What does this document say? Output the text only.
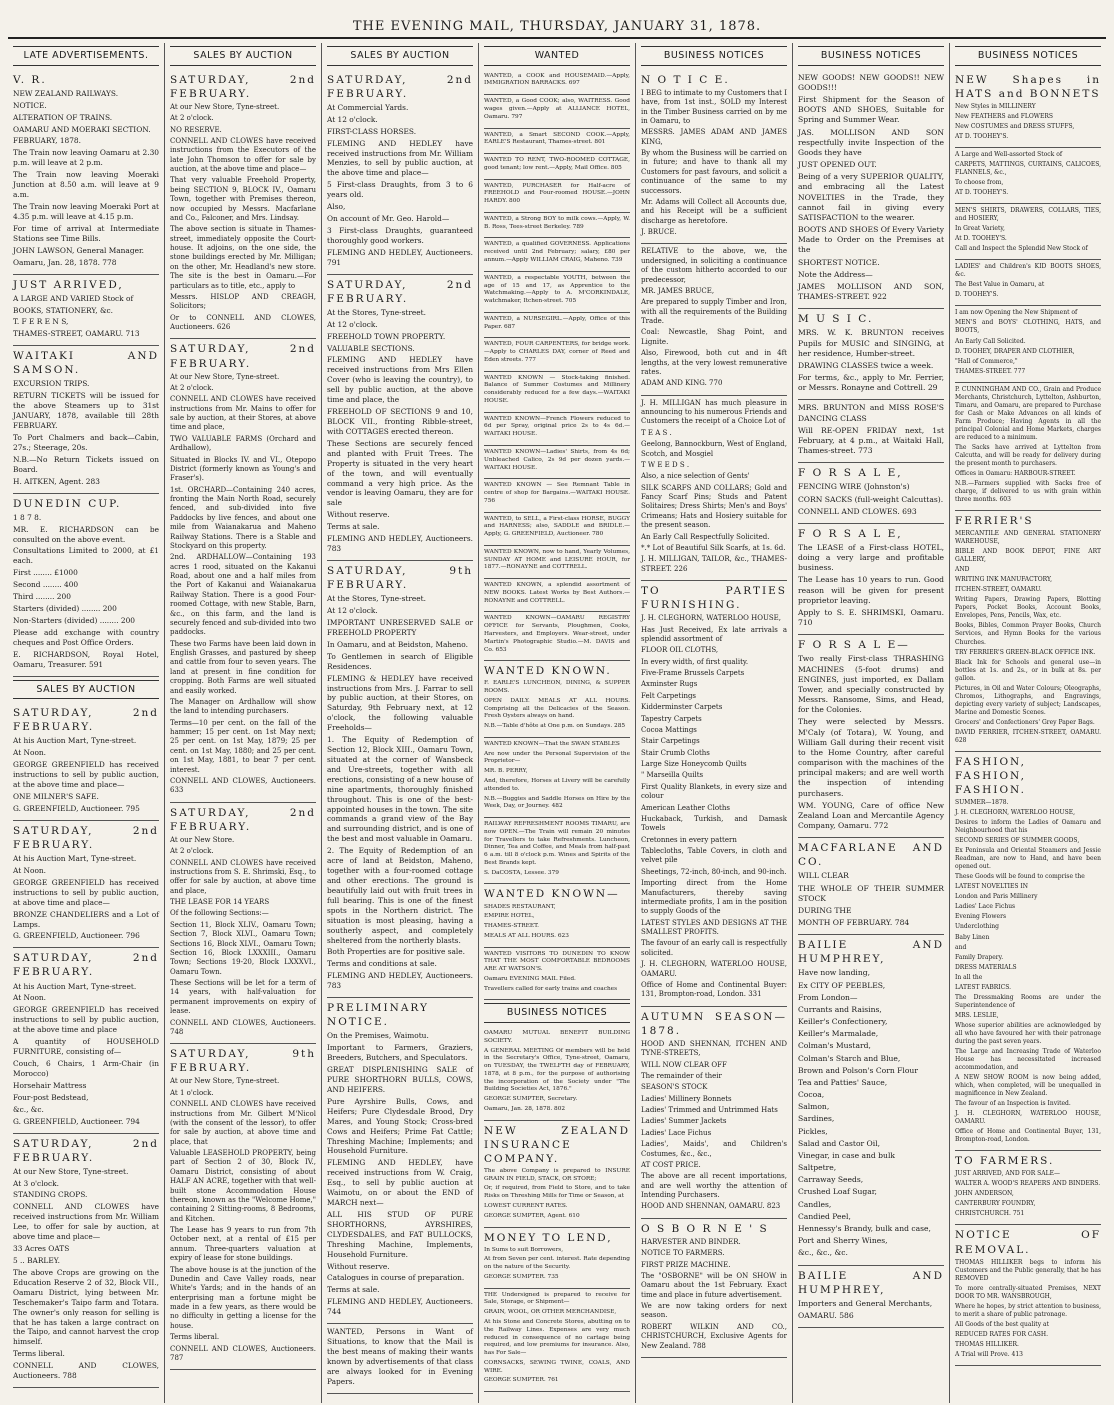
THE EVENING MAIL, THURSDAY, JANUARY 31, 1878.
LATE ADVERTISEMENTS.

V. R.

NEW ZEALAND RAILWAYS.

NOTICE.

ALTERATION OF TRAINS.

OAMARU AND MOERAKI SECTION.

FEBRUARY, 1878.

The Train now leaving Oamaru at 2.30 p.m. will leave at 2 p.m.

The Train now leaving Moeraki Junction at 8.50 a.m. will leave at 9 a.m.

The Train now leaving Moeraki Port at 4.35 p.m. will leave at 4.15 p.m.

For time of arrival at Intermediate Stations see Time Bills.

JOHN LAWSON, General Manager.

Oamaru, Jan. 28, 1878. 778

JUST ARRIVED,

A LARGE AND VARIED Stock of

BOOKS, STATIONERY, &c.

T. F E R E N S,

THAMES-STREET, OAMARU. 713

WAITAKI AND SAMSON.

EXCURSION TRIPS.

RETURN TICKETS will be issued for the above Steamers up to 31st JANUARY, 1878, available till 28th FEBRUARY.

To Port Chalmers and back—Cabin, 27s.; Steerage, 20s.

N.B.—No Return Tickets issued on Board.

H. AITKEN, Agent. 283

DUNEDIN CUP.

1 8 7 8.

MR. E. RICHARDSON can be consulted on the above event.

Consultations Limited to 2000, at £1 each.

First ........ £1000

Second ........ 400

Third ........ 200

Starters (divided) ........ 200

Non-Starters (divided) ........ 200

Please add exchange with country cheques and Post Office Orders.

E. RICHARDSON, Royal Hotel, Oamaru, Treasurer. 591

SALES BY AUCTION

SATURDAY, 2nd FEBRUARY.

At his Auction Mart, Tyne-street.

At Noon.

GEORGE GREENFIELD has received instructions to sell by public auction, at the above time and place—

ONE MILNER'S SAFE.

G. GREENFIELD, Auctioneer. 795

SATURDAY, 2nd FEBRUARY.

At his Auction Mart, Tyne-street.

At Noon.

GEORGE GREENFIELD has received instructions to sell by public auction, at above time and place—

BRONZE CHANDELIERS and a Lot of Lamps.

G. GREENFIELD, Auctioneer. 796

SATURDAY, 2nd FEBRUARY.

At his Auction Mart, Tyne-street.

At Noon.

GEORGE GREENFIELD has received instructions to sell by public auction, at the above time and place

A quantity of HOUSEHOLD FURNITURE, consisting of—

Couch, 6 Chairs, 1 Arm-Chair (in Morocco)

Horsehair Mattress

Four-post Bedstead,

&c., &c.

G. GREENFIELD, Auctioneer. 794

SATURDAY, 2nd FEBRUARY.

At our New Store, Tyne-street.

At 3 o'clock.

STANDING CROPS.

CONNELL AND CLOWES have received instructions from Mr. William Lee, to offer for sale by auction, at above time and place—

33 Acres OATS

5 .. BARLEY.

The above Crops are growing on the Education Reserve 2 of 32, Block VII., Oamaru District, lying between Mr. Teschemaker's Taipo farm and Totara. The owner's only reason for selling is that he has taken a large contract on the Taipo, and cannot harvest the crop himself.

Terms liberal.

CONNELL AND CLOWES, Auctioneers. 788

SALES BY AUCTION

SATURDAY, 2nd FEBRUARY.

At our New Store, Tyne-street.

At 2 o'clock.

NO RESERVE.

CONNELL AND CLOWES have received instructions from the Executors of the late John Thomson to offer for sale by auction, at the above time and place—

That very valuable Freehold Property, being SECTION 9, BLOCK IV., Oamaru Town, together with Premises thereon, now occupied by Messrs. Macfarlane and Co., Falconer, and Mrs. Lindsay.

The above section is situate in Thames-street, immediately opposite the Court-house. It adjoins, on the one side, the stone buildings erected by Mr. Milligan; on the other, Mr. Headland's new store. The site is the best in Oamaru.—For particulars as to title, etc., apply to

Messrs. HISLOP AND CREAGH, Solicitors;

Or to CONNELL AND CLOWES, Auctioneers. 626

SATURDAY, 2nd FEBRUARY.

At our New Store, Tyne-street.

At 2 o'clock.

CONNELL AND CLOWES have received instructions from Mr. Mains to offer for sale by auction, at their Stores, at above time and place,

TWO VALUABLE FARMS (Orchard and Ardhallow),

Situated in Blocks IV. and VI., Otepopo District (formerly known as Young's and Fraser's).

1st. ORCHARD—Containing 240 acres, fronting the Main North Road, securely fenced, and sub-divided into five Paddocks by live fences, and about one mile from Waianakarua and Maheno Railway Stations. There is a Stable and Stockyard on this property.

2nd. ARDHALLOW—Containing 193 acres 1 rood, situated on the Kakanui Road, about one and a half miles from the Port of Kakanui and Waianakarua Railway Station. There is a good Four-roomed Cottage, with new Stable, Barn, &c., on this farm, and the land is securely fenced and sub-divided into two paddocks.

These two Farms have been laid down in English Grasses, and pastured by sheep and cattle from four to seven years. The land at present in fine condition for cropping. Both Farms are well situated and easily worked.

The Manager on Ardhallow will show the land to intending purchasers.

Terms—10 per cent. on the fall of the hammer; 15 per cent. on 1st May next; 25 per cent. on 1st May, 1879; 25 per cent. on 1st May, 1880; and 25 per cent. on 1st May, 1881, to bear 7 per cent. interest.

CONNELL AND CLOWES, Auctioneers. 633

SATURDAY, 2nd FEBRUARY.

At our New Store.

At 2 o'clock.

CONNELL AND CLOWES have received instructions from S. E. Shrimski, Esq., to offer for sale by auction, at above time and place,

THE LEASE FOR 14 YEARS

Of the following Sections:—

Section 11, Block XLIV., Oamaru Town; Section 7, Block XLVI., Oamaru Town; Sections 16, Block XLVI., Oamaru Town; Section 16, Block LXXXIII., Oamaru Town; Sections 19-20, Block LXXXVI., Oamaru Town.

These Sections will be let for a term of 14 years, with half-valuation for permanent improvements on expiry of lease.

CONNELL AND CLOWES, Auctioneers. 748

SATURDAY, 9th FEBRUARY.

At our New Store, Tyne-street.

At 1 o'clock.

CONNELL AND CLOWES have received instructions from Mr. Gilbert M'Nicol (with the consent of the lessor), to offer for sale by auction, at above time and place, that

Valuable LEASEHOLD PROPERTY, being part of Section 2 of 30, Block IV., Oamaru District, consisting of about HALF AN ACRE, together with that well-built stone Accommodation House thereon, known as the "Welcome Home," containing 2 Sitting-rooms, 8 Bedrooms, and Kitchen.

The Lease has 9 years to run from 7th October next, at a rental of £15 per annum. Three-quarters valuation at expiry of lease for stone buildings.

The above house is at the junction of the Dunedin and Cave Valley roads, near White's Yards; and in the hands of an enterprising man a fortune might be made in a few years, as there would be no difficulty in getting a license for the house.

Terms liberal.

CONNELL AND CLOWES, Auctioneers. 787

SALES BY AUCTION

SATURDAY, 2nd FEBRUARY.

At Commercial Yards.

At 12 o'clock.

FIRST-CLASS HORSES.

FLEMING AND HEDLEY have received instructions from Mr. William Menzies, to sell by public auction, at the above time and place—

5 First-class Draughts, from 3 to 6 years old.

Also,

On account of Mr. Geo. Harold—

3 First-class Draughts, guaranteed thoroughly good workers.

FLEMING AND HEDLEY, Auctioneers. 791

SATURDAY, 2nd FEBRUARY.

At the Stores, Tyne-street.

At 12 o'clock.

FREEHOLD TOWN PROPERTY.

VALUABLE SECTIONS.

FLEMING AND HEDLEY have received instructions from Mrs Ellen Cover (who is leaving the country), to sell by public auction, at the above time and place, the

FREEHOLD OF SECTIONS 9 and 10, BLOCK VII., fronting Ribble-street, with COTTAGES erected thereon.

These Sections are securely fenced and planted with Fruit Trees. The Property is situated in the very heart of the town, and will eventually command a very high price. As the vendor is leaving Oamaru, they are for sale

Without reserve.

Terms at sale.

FLEMING AND HEDLEY, Auctioneers. 783

SATURDAY, 9th FEBRUARY.

At the Stores, Tyne-street.

At 12 o'clock.

IMPORTANT UNRESERVED SALE or FREEHOLD PROPERTY

In Oamaru, and at Beidston, Maheno.

To Gentlemen in search of Eligible Residences.

FLEMING & HEDLEY have received instructions from Mrs. J. Farrar to sell by public auction, at their Stores, on Saturday, 9th February next, at 12 o'clock, the following valuable Freeholds—

1. The Equity of Redemption of Section 12, Block XIII., Oamaru Town, situated at the corner of Wansbeck and Ure-streets, together with all erections, consisting of a new house of nine apartments, thoroughly finished throughout. This is one of the best-appointed houses in the town. The site commands a grand view of the Bay and surrounding district, and is one of the best and most valuable in Oamaru.

2. The Equity of Redemption of an acre of land at Beidston, Maheno, together with a four-roomed cottage and other erections. The ground is beautifully laid out with fruit trees in full bearing. This is one of the finest spots in the Northern district. The situation is most pleasing, having a southerly aspect, and completely sheltered from the northerly blasts.

Both Properties are for positive sale.

Terms and conditions at sale.

FLEMING AND HEDLEY, Auctioneers. 783

PRELIMINARY NOTICE.

On the Premises, Waimotu.

Important to Farmers, Graziers, Breeders, Butchers, and Speculators.

GREAT DISPLENISHING SALE of PURE SHORTHORN BULLS, COWS, AND HEIFERS.

Pure Ayrshire Bulls, Cows, and Heifers; Pure Clydesdale Brood, Dry Mares, and Young Stock; Cross-bred Cows and Heifers; Prime Fat Cattle; Threshing Machine; Implements; and Household Furniture.

FLEMING AND HEDLEY, have received instructions from W. Craig, Esq., to sell by public auction at Waimotu, on or about the END of MARCH next—

ALL HIS STUD OF PURE SHORTHORNS, AYRSHIRES, CLYDESDALES, and FAT BULLOCKS, Threshing Machine, Implements, Household Furniture.

Without reserve.

Catalogues in course of preparation.

Terms at sale.

FLEMING AND HEDLEY, Auctioneers. 744

WANTED, Persons in Want of Situations, to know that the Mail is the best means of making their wants known by advertisements of that class are always looked for in Evening Papers.

WANTED

WANTED, a COOK and HOUSEMAID.—Apply, IMMIGRATION BARRACKS. 697

WANTED, a Good COOK; also, WAITRESS. Good wages given.—Apply at ALLIANCE HOTEL, Oamaru. 797

WANTED, a Smart SECOND COOK.—Apply, EARLE'S Restaurant, Thames-street. 801

WANTED TO RENT, TWO-ROOMED COTTAGE, good tenant; low rent.—Apply, Mail Office. 805

WANTED, PURCHASER for Half-acre of FREEHOLD and Four-roomed HOUSE.—JOHN HARDY. 800

WANTED, a Strong BOY to milk cows.—Apply, W. B. Ross, Tees-street Berkeley. 789

WANTED, a qualified GOVERNESS. Applications received until 2nd February; salary, £80 per annum.—Apply WILLIAM CRAIG, Maheno. 739

WANTED, a respectable YOUTH, between the age of 15 and 17, as Apprentice to the Watchmaking.—Apply to A. M'CORKINDALE, watchmaker, Itchen-street. 705

WANTED, a NURSEGIRL.—Apply, Office of this Paper. 687

WANTED, FOUR CARPENTERS, for bridge work.—Apply to CHARLES DAY, corner of Reed and Eden streets. 777

WANTED KNOWN — Stock-taking finished. Balance of Summer Costumes and Millinery considerably reduced for a few days.—WAITAKI HOUSE.

WANTED KNOWN—French Flowers reduced to 6d per Spray, original price 2s to 4s 6d.—WAITAKI HOUSE.

WANTED KNOWN—Ladies' Shirts, from 4s 6d; Unbleached Calico, 2s 9d per dozen yards.—WAITAKI HOUSE.

WANTED KNOWN — See Remnant Table in centre of shop for Bargains.—WAITAKI HOUSE. 756

WANTED, to SELL, a First-class HORSE, BUGGY and HARNESS; also, SADDLE and BRIDLE.—Apply, G. GREENFIELD, Auctioneer. 780

WANTED KNOWN, now to hand, Yearly Volumes, SUNDAY AT HOME and LEISURE HOUR, for 1877.—RONAYNE and COTTRELL.

WANTED KNOWN, a splendid assortment of NEW BOOKS. Latest Works by Best Authors.—RONAYNE and COTTRELL.

WANTED KNOWN—OAMARU REGISTRY OFFICE for Servants, Ploughmen, Cooks, Harvesters, and Employers. Wear-street, under Martin's Photographic Studio.—M. DAVIS and Co. 653

WANTED KNOWN.

F. EARLE'S LUNCHEON, DINING, & SUPPER ROOMS.

OPEN DAILY. MEALS AT ALL HOURS. Comprising all the Delicacies of the Season. Fresh Oysters always on hand.

N.B.—Table d'hôte at One p.m. on Sundays. 285

WANTED KNOWN—That the SWAN STABLES

Are now under the Personal Supervision of the Proprietor—

MR. B. PERRY,

And, therefore, Horses at Livery will be carefully attended to.

N.B.—Buggies and Saddle Horses on Hire by the Week, Day, or Journey. 482

RAILWAY REFRESHMENT ROOMS TIMARU, are now OPEN.—The Train will remain 20 minutes for Travellers to take Refreshments. Luncheon, Dinner, Tea and Coffee, and Meals from half-past 6 a.m. till 8 o'clock p.m. Wines and Spirits of the Best Brands kept.

S. DaCOSTA, Lessee. 379

WANTED KNOWN—

SHADES RESTAURANT,

EMPIRE HOTEL,

THAMES-STREET.

MEALS AT ALL HOURS. 623

WANTED VISITORS TO DUNEDIN TO KNOW THAT THE MOST COMFORTABLE BEDROOMS ARE AT WATSON'S.

Oamaru EVENING MAIL Filed.

Travellers called for early trains and coaches

BUSINESS NOTICES

OAMARU MUTUAL BENEFIT BUILDING SOCIETY.

A GENERAL MEETING Of members will be held in the Secretary's Office, Tyne-street, Oamaru, on TUESDAY, the TWELFTH day of FEBRUARY, 1878, at 8 p.m., for the purpose of authorising the incorporation of the Society under "The Building Societies Act, 1876."

GEORGE SUMPTER, Secretary.

Oamaru, Jan. 28, 1878. 802

NEW ZEALAND INSURANCE COMPANY.

The above Company is prepared to INSURE GRAIN IN FIELD, STACK, OR STORE;

Or, if required, from Field to Store, and to take Risks on Threshing Mills for Time or Season, at

LOWEST CURRENT RATES.

GEORGE SUMPTER, Agent. 610

MONEY TO LEND,

In Sums to suit Borrowers,

At from Seven per cent. interest. Rate depending on the nature of the Security.

GEORGE SUMPTER. 735

THE Undersigned is prepared to receive for Sale, Storage, or Shipment—

GRAIN, WOOL, OR OTHER MERCHANDISE,

At his Stone and Concrete Stores, abutting on to the Railway Lines. Expenses are very much reduced in consequence of no cartage being required, and low premiums for insurance. Also, has For Sale—

CORNSACKS, SEWING TWINE, COALS, AND WIRE.

GEORGE SUMPTER. 761

BUSINESS NOTICES

N O T I C E.

I BEG to intimate to my Customers that I have, from 1st inst., SOLD my Interest in the Timber Business carried on by me in Oamaru, to

MESSRS. JAMES ADAM AND JAMES KING,

By whom the Business will be carried on in future; and have to thank all my Customers for past favours, and solicit a continuance of the same to my successors.

Mr. Adams will Collect all Accounts due, and his Receipt will be a sufficient discharge as heretofore.

J. BRUCE.

RELATIVE to the above, we, the undersigned, in soliciting a continuance of the custom hitherto accorded to our predecessor,

MR. JAMES BRUCE,

Are prepared to supply Timber and Iron, with all the requirements of the Building Trade.

Coal: Newcastle, Shag Point, and Lignite.

Also, Firewood, both cut and in 4ft lengths, at the very lowest remunerative rates.

ADAM AND KING. 770

J. H. MILLIGAN has much pleasure in announcing to his numerous Friends and Customers the receipt of a Choice Lot of

T E A S .

Geelong, Bannockburn, West of England, Scotch, and Mosgiel

T W E E D S .

Also, a nice selection of Gents'

SILK SCARFS AND COLLARS; Gold and Fancy Scarf Pins; Studs and Patent Solitaires; Dress Shirts; Men's and Boys' Crimeans; Hats and Hosiery suitable for the present season.

An Early Call Respectfully Solicited.

*.* Lot of Beautiful Silk Scarfs, at 1s. 6d.

J. H. MILLIGAN, TAILOR, &c., THAMES-STREET. 226

TO PARTIES FURNISHING.

J. H. CLEGHORN, WATERLOO HOUSE,

Has Just Received, Ex late arrivals a splendid assortment of

FLOOR OIL CLOTHS,

In every width, of first quality.

Five-Frame Brussels Carpets

Axminster Rugs

Felt Carpetings

Kidderminster Carpets

Tapestry Carpets

Cocoa Mattings

Stair Carpetings

Stair Crumb Cloths

Large Size Honeycomb Quilts

" Marseilla Quilts

First Quality Blankets, in every size and colour

American Leather Cloths

Huckaback, Turkish, and Damask Towels

Cretonnes in every pattern

Tablecloths, Table Covers, in cloth and velvet pile

Sheetings, 72-inch, 80-inch, and 90-inch.

Importing direct from the Home Manufacturers, thereby saving intermediate profits, I am in the position to supply Goods of the

LATEST STYLES AND DESIGNS AT THE SMALLEST PROFITS.

The favour of an early call is respectfully solicited.

J. H. CLEGHORN, WATERLOO HOUSE, OAMARU.

Office of Home and Continental Buyer: 131, Brompton-road, London. 331

AUTUMN SEASON—1878.

HOOD AND SHENNAN, ITCHEN AND TYNE-STREETS,

WILL NOW CLEAR OFF

The remainder of their

SEASON'S STOCK

Ladies' Millinery Bonnets

Ladies' Trimmed and Untrimmed Hats

Ladies' Summer Jackets

Ladies' Lace Fichus

Ladies', Maids', and Children's Costumes, &c., &c.,

AT COST PRICE.

The above are all recent importations, and are well worthy the attention of Intending Purchasers.

HOOD AND SHENNAN, OAMARU. 823

O S B O R N E ' S

HARVESTER AND BINDER.

NOTICE TO FARMERS.

FIRST PRIZE MACHINE.

The "OSBORNE" will be ON SHOW in Oamaru about the 1st February. Exact time and place in future advertisement.

We are now taking orders for next season.

ROBERT WILKIN AND CO., CHRISTCHURCH, Exclusive Agents for New Zealand. 788

BUSINESS NOTICES

NEW GOODS! NEW GOODS!! NEW GOODS!!!

First Shipment for the Season of BOOTS AND SHOES, Suitable for Spring and Summer Wear.

JAS. MOLLISON AND SON respectfully invite Inspection of the Goods they have

JUST OPENED OUT.

Being of a very SUPERIOR QUALITY, and embracing all the Latest NOVELTIES in the Trade, they cannot fail in giving every SATISFACTION to the wearer.

BOOTS AND SHOES Of Every Variety Made to Order on the Premises at the

SHORTEST NOTICE.

Note the Address—

JAMES MOLLISON AND SON, THAMES-STREET. 922

M U S I C.

MRS. W. K. BRUNTON receives Pupils for MUSIC and SINGING, at her residence, Humber-street.

DRAWING CLASSES twice a week.

For terms, &c., apply to Mr. Ferrier, or Messrs. Ronayne and Cottrell. 29

MRS. BRUNTON and MISS ROSE'S DANCING CLASS

Will RE-OPEN FRIDAY next, 1st February, at 4 p.m., at Waitaki Hall, Thames-street. 773

F O R S A L E,

FENCING WIRE (Johnston's)

CORN SACKS (full-weight Calcuttas).

CONNELL AND CLOWES. 693

F O R S A L E,

The LEASE of a First-class HOTEL, doing a very large and profitable business.

The Lease has 10 years to run. Good reason will be given for present proprietor leaving.

Apply to S. E. SHRIMSKI, Oamaru. 710

F O R S A L E—

Two really First-class THRASHING MACHINES (5-foot drums) and ENGINES, just imported, ex Dallam Tower, and specially constructed by Messrs. Ransome, Sims, and Head, for the Colonies.

They were selected by Messrs. M'Caly (of Totara), W. Young, and William Gall during their recent visit to the Home Country, after careful comparison with the machines of the principal makers; and are well worth the inspection of intending purchasers.

WM. YOUNG, Care of office New Zealand Loan and Mercantile Agency Company, Oamaru. 772

MACFARLANE AND CO.

WILL CLEAR

THE WHOLE OF THEIR SUMMER STOCK

DURING THE

MONTH OF FEBRUARY. 784

BAILIE AND HUMPHREY,

Have now landing,

Ex CITY OF PEEBLES,

From London—

Currants and Raisins,

Keiller's Confectionery,

Keiller's Marmalade,

Colman's Mustard,

Colman's Starch and Blue,

Brown and Polson's Corn Flour

Tea and Patties' Sauce,

Cocoa,

Salmon,

Sardines,

Pickles,

Salad and Castor Oil,

Vinegar, in case and bulk

Saltpetre,

Carraway Seeds,

Crushed Loaf Sugar,

Candles,

Candied Peel,

Hennessy's Brandy, bulk and case,

Port and Sherry Wines,

&c., &c., &c.

BAILIE AND HUMPHREY,

Importers and General Merchants,

OAMARU. 586

BUSINESS NOTICES

NEW Shapes in HATS and BONNETS

New Styles in MILLINERY

New FEATHERS and FLOWERS

New COSTUMES and DRESS STUFFS,

AT D. TOOHEY'S.

A Large and Well-assorted Stock of

CARPETS, MATTINGS, CURTAINS, CALICOES, FLANNELS, &c.,

To choose from,

AT D. TOOHEY'S.

MEN'S SHIRTS, DRAWERS, COLLARS, TIES, and HOSIERY,

In Great Variety,

At D. TOOHEY'S.

Call and Inspect the Splendid New Stock of

LADIES' and Children's KID BOOTS SHOES, &c.

The Best Value in Oamaru, at

D. TOOHEY'S.

I am now Opening the New Shipment of

MEN'S and BOYS' CLOTHING, HATS, and BOOTS,

An Early Call Solicited.

D. TOOHEY, DRAPER AND CLOTHIER,

"Hall of Commerce,"

THAMES-STREET. 777

P. CUNNINGHAM AND CO., Grain and Produce Merchants, Christchurch, Lyttelton, Ashburton, Timaru, and Oamaru, are prepared to Purchase for Cash or Make Advances on all kinds of Farm Produce; Having Agents in all the principal Colonial and Home Markets, charges are reduced to a minimum.

The Sacks have arrived at Lyttelton from Calcutta, and will be ready for delivery during the present month to purchasers.

Offices in Oamaru: HARBOUR-STREET.

N.B.—Farmers supplied with Sacks free of charge, if delivered to us with grain within three months. 603

FERRIER'S

MERCANTILE AND GENERAL STATIONERY WAREHOUSE,

BIBLE AND BOOK DEPOT, FINE ART GALLERY,

AND

WRITING INK MANUFACTORY,

ITCHEN-STREET, OAMARU.

Writing Papers, Drawing Papers, Blotting Papers, Pocket Books, Account Books, Envelopes, Pens, Pencils, Wax, etc.

Books, Bibles, Common Prayer Books, Church Services, and Hymn Books for the various Churches.

TRY FERRIER'S GREEN-BLACK OFFICE INK.

Black Ink for Schools and general use—in bottles at 1s. and 2s., or in bulk at 8s. per gallon.

Pictures, in Oil and Water Colours; Oleographs, Chromos, Lithographs, and Engravings, depicting every variety of subject; Landscapes, Marine and Domestic Scenes.

Grocers' and Confectioners' Grey Paper Bags.

DAVID FERRIER, ITCHEN-STREET, OAMARU. 628

FASHION, FASHION, FASHION.

SUMMER—1878.

J. H. CLEGHORN, WATERLOO HOUSE,

Desires to inform the Ladies of Oamaru and Neighbourhood that his

SECOND SERIES OF SUMMER GOODS,

Ex Peninsula and Oriental Steamers and Jessie Readman, are now to Hand, and have been opened out.

These Goods will be found to comprise the

LATEST NOVELTIES IN

London and Paris Millinery

Ladies' Lace Fichus

Evening Flowers

Underclothing

Baby Linen

and

Family Drapery.

DRESS MATERIALS

In all the

LATEST FABRICS.

The Dressmaking Rooms are under the Superintendence of

MRS. LESLIE,

Whose superior abilities are acknowledged by all who have favoured her with their patronage during the past seven years.

The Large and Increasing Trade of Waterloo House has necessitated increased accommodation, and

A NEW SHOW ROOM is now being added, which, when completed, will be unequalled in magnificence in New Zealand.

The favour of an Inspection is Invited.

J. H. CLEGHORN, WATERLOO HOUSE, OAMARU.

Office of Home and Continental Buyer, 131, Brompton-road, London.

TO FARMERS.

JUST ARRIVED, AND FOR SALE—

WALTER A. WOOD'S REAPERS AND BINDERS.

JOHN ANDERSON,

CANTERBURY FOUNDRY,

CHRISTCHURCH. 751

NOTICE OF REMOVAL.

THOMAS HILLIKER begs to inform his Customers and the Public generally, that he has REMOVED

To more centrally-situated Premises, NEXT DOOR TO MR. WANSBROUGH,

Where he hopes, by strict attention to business, to merit a share of public patronage.

All Goods of the best quality at

REDUCED RATES FOR CASH.

THOMAS HILLIKER.

A Trial will Prove. 413
